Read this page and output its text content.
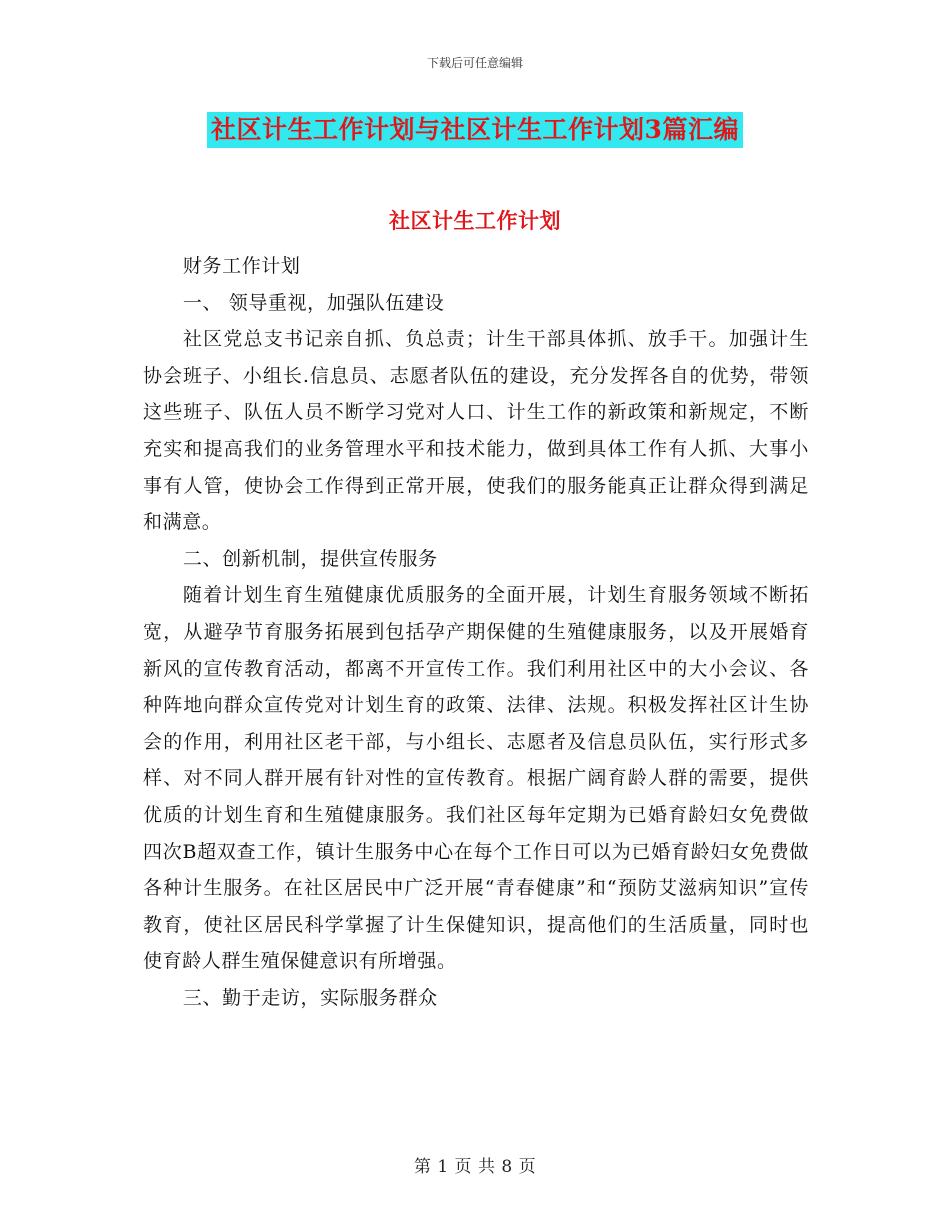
下载后可任意编辑
社区计生工作计划与社区计生工作计划3篇汇编
社区计生工作计划

财务工作计划

一、 领导重视，加强队伍建设

社区党总支书记亲自抓、负总责；计生干部具体抓、放手干。加强计生协会班子、小组长.信息员、志愿者队伍的建设，充分发挥各自的优势，带领这些班子、队伍人员不断学习党对人口、计生工作的新政策和新规定，不断充实和提高我们的业务管理水平和技术能力，做到具体工作有人抓、大事小事有人管，使协会工作得到正常开展，使我们的服务能真正让群众得到满足和满意。

二、创新机制，提供宣传服务

随着计划生育生殖健康优质服务的全面开展，计划生育服务领域不断拓宽，从避孕节育服务拓展到包括孕产期保健的生殖健康服务，以及开展婚育新风的宣传教育活动，都离不开宣传工作。我们利用社区中的大小会议、各种阵地向群众宣传党对计划生育的政策、法律、法规。积极发挥社区计生协会的作用，利用社区老干部，与小组长、志愿者及信息员队伍，实行形式多样、对不同人群开展有针对性的宣传教育。根据广阔育龄人群的需要，提供优质的计划生育和生殖健康服务。我们社区每年定期为已婚育龄妇女免费做四次B超双查工作，镇计生服务中心在每个工作日可以为已婚育龄妇女免费做各种计生服务。在社区居民中广泛开展“青春健康”和“预防艾滋病知识”宣传教育，使社区居民科学掌握了计生保健知识，提高他们的生活质量，同时也使育龄人群生殖保健意识有所增强。

三、勤于走访，实际服务群众

第 1 页 共 8 页
